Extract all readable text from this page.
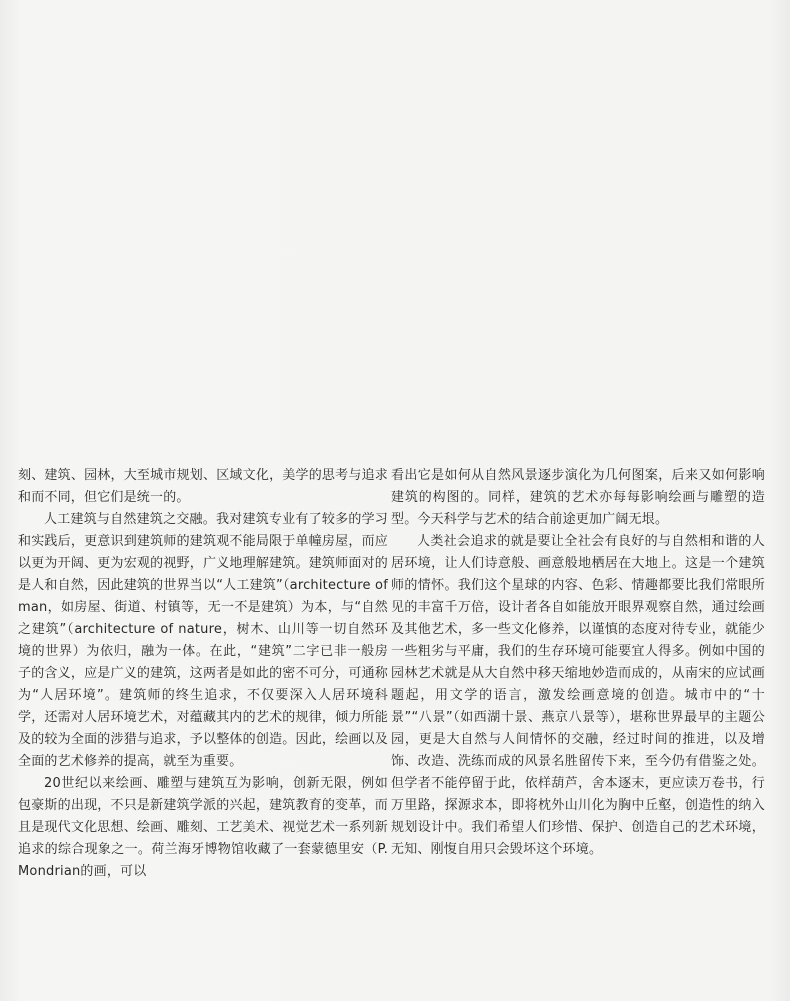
刻、建筑、园林，大至城市规划、区域文化，美学的思考与追求和而不同，但它们是统一的。

人工建筑与自然建筑之交融。我对建筑专业有了较多的学习和实践后，更意识到建筑师的建筑观不能局限于单幢房屋，而应以更为开阔、更为宏观的视野，广义地理解建筑。建筑师面对的是人和自然，因此建筑的世界当以“人工建筑”（architecture of man，如房屋、街道、村镇等，无一不是建筑）为本，与“自然之建筑”（architecture of nature，树木、山川等一切自然环境的世界）为依归，融为一体。在此，“建筑”二字已非一般房子的含义，应是广义的建筑，这两者是如此的密不可分，可通称为“人居环境”。建筑师的终生追求，不仅要深入人居环境科学，还需对人居环境艺术，对蕴藏其内的艺术的规律，倾力所能及的较为全面的涉猎与追求，予以整体的创造。因此，绘画以及全面的艺术修养的提高，就至为重要。

20世纪以来绘画、雕塑与建筑互为影响，创新无限，例如包豪斯的出现，不只是新建筑学派的兴起，建筑教育的变革，而且是现代文化思想、绘画、雕刻、工艺美术、视觉艺术一系列新追求的综合现象之一。荷兰海牙博物馆收藏了一套蒙德里安（P. Mondrian的画，可以

看出它是如何从自然风景逐步演化为几何图案，后来又如何影响建筑的构图的。同样，建筑的艺术亦每每影响绘画与雕塑的造型。今天科学与艺术的结合前途更加广阔无垠。

人类社会追求的就是要让全社会有良好的与自然相和谐的人居环境，让人们诗意般、画意般地栖居在大地上。这是一个建筑师的情怀。我们这个星球的内容、色彩、情趣都要比我们常眼所见的丰富千万倍，设计者各自如能放开眼界观察自然，通过绘画及其他艺术，多一些文化修养，以谨慎的态度对待专业，就能少一些粗劣与平庸，我们的生存环境可能要宜人得多。例如中国的园林艺术就是从大自然中移天缩地妙造而成的，从南宋的应试画题起，用文学的语言，激发绘画意境的创造。城市中的“十景”“八景”（如西湖十景、燕京八景等），堪称世界最早的主题公园，更是大自然与人间情怀的交融，经过时间的推进，以及增饰、改造、洗练而成的风景名胜留传下来，至今仍有借鉴之处。但学者不能停留于此，依样葫芦，舍本逐末，更应读万卷书，行万里路，探源求本，即将枕外山川化为胸中丘壑，创造性的纳入规划设计中。我们希望人们珍惜、保护、创造自己的艺术环境，无知、刚愎自用只会毁坏这个环境。
